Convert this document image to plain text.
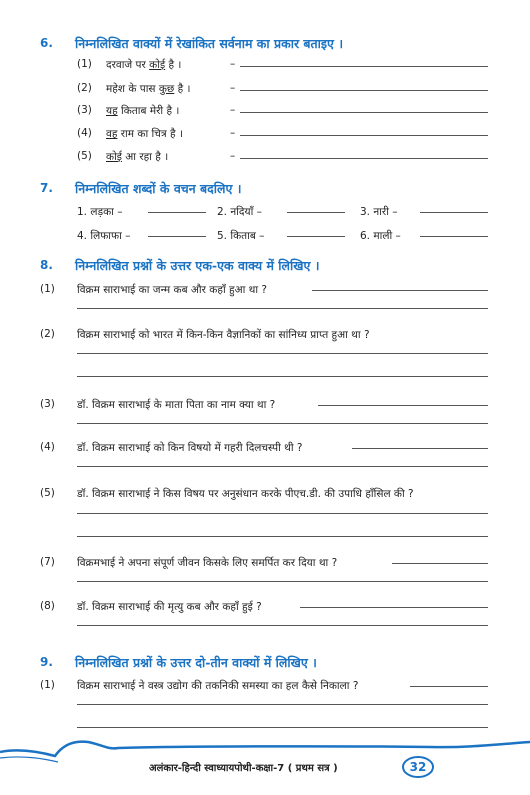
6. निम्नलिखित वाक्यों में रेखांकित सर्वनाम का प्रकार बताइए ।
(1) दरवाजे पर कोई है ।	–
(2) महेश के पास कुछ है ।	–
(3) यह किताब मेरी है ।	–
(4) वह राम का चित्र है ।	–
(5) कोई आ रहा है ।	–
7. निम्नलिखित शब्दों के वचन बदलिए ।
1. लड़का –	2. नदियाँ –	3. नारी –
4. लिफाफा –	5. किताब –	6. माली –
8. निम्नलिखित प्रश्नों के उत्तर एक-एक वाक्य में लिखिए ।
(1) विक्रम साराभाई का जन्म कब और कहाँ हुआ था ?
(2) विक्रम साराभाई को भारत में किन-किन वैज्ञानिकों का सांनिध्य प्राप्त हुआ था ?
(3) डॉ. विक्रम साराभाई के माता पिता का नाम क्या था ?
(4) डॉ. विक्रम साराभाई को किन विषयो में गहरी दिलचस्पी थी ?
(5) डॉ. विक्रम साराभाई ने किस विषय पर अनुसंधान करके पीएच.डी. की उपाधि हाँसिल की ?
(7) विक्रमभाई ने अपना संपूर्ण जीवन किसके लिए समर्पित कर दिया था ?
(8) डॉ. विक्रम साराभाई की मृत्यु कब और कहाँ हुई ?
9. निम्नलिखित प्रश्नों के उत्तर दो-तीन वाक्यों में लिखिए ।
(1) विक्रम साराभाई ने वस्त्र उद्योग की तकनिकी समस्या का हल कैसे निकाला ?
अलंकार-हिन्दी स्वाध्यायपोथी-कक्षा-7 ( प्रथम सत्र )	32
